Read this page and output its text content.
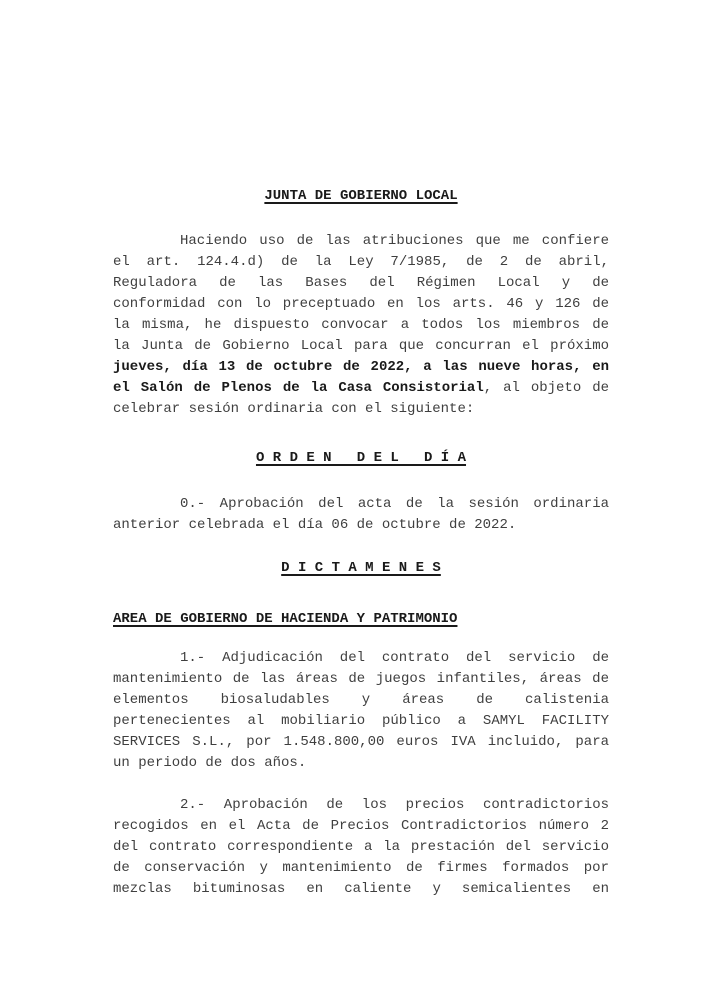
JUNTA DE GOBIERNO LOCAL
Haciendo uso de las atribuciones que me confiere
el art. 124.4.d) de la Ley 7/1985, de 2 de abril,
Reguladora de las Bases del Régimen Local y de
conformidad con lo preceptuado en los arts. 46 y 126 de
la misma, he dispuesto convocar a todos los miembros de
la Junta de Gobierno Local para que concurran el próximo
jueves, día 13 de octubre de 2022, a las nueve horas, en
el Salón de Plenos de la Casa Consistorial, al objeto de
celebrar sesión ordinaria con el siguiente:
O R D E N   D E L   D Í A
0.- Aprobación del acta de la sesión ordinaria
anterior celebrada el día 06 de octubre de 2022.
D I C T A M E N E S
AREA DE GOBIERNO DE HACIENDA Y PATRIMONIO
1.- Adjudicación del contrato del servicio de
mantenimiento de las áreas de juegos infantiles, áreas de
elementos biosaludables y áreas de calistenia
pertenecientes al mobiliario público a SAMYL FACILITY
SERVICES S.L., por 1.548.800,00 euros IVA incluido, para
un periodo de dos años.
2.- Aprobación de los precios contradictorios
recogidos en el Acta de Precios Contradictorios número 2
del contrato correspondiente a la prestación del servicio
de conservación y mantenimiento de firmes formados por
mezclas bituminosas en caliente y semicalientes en
